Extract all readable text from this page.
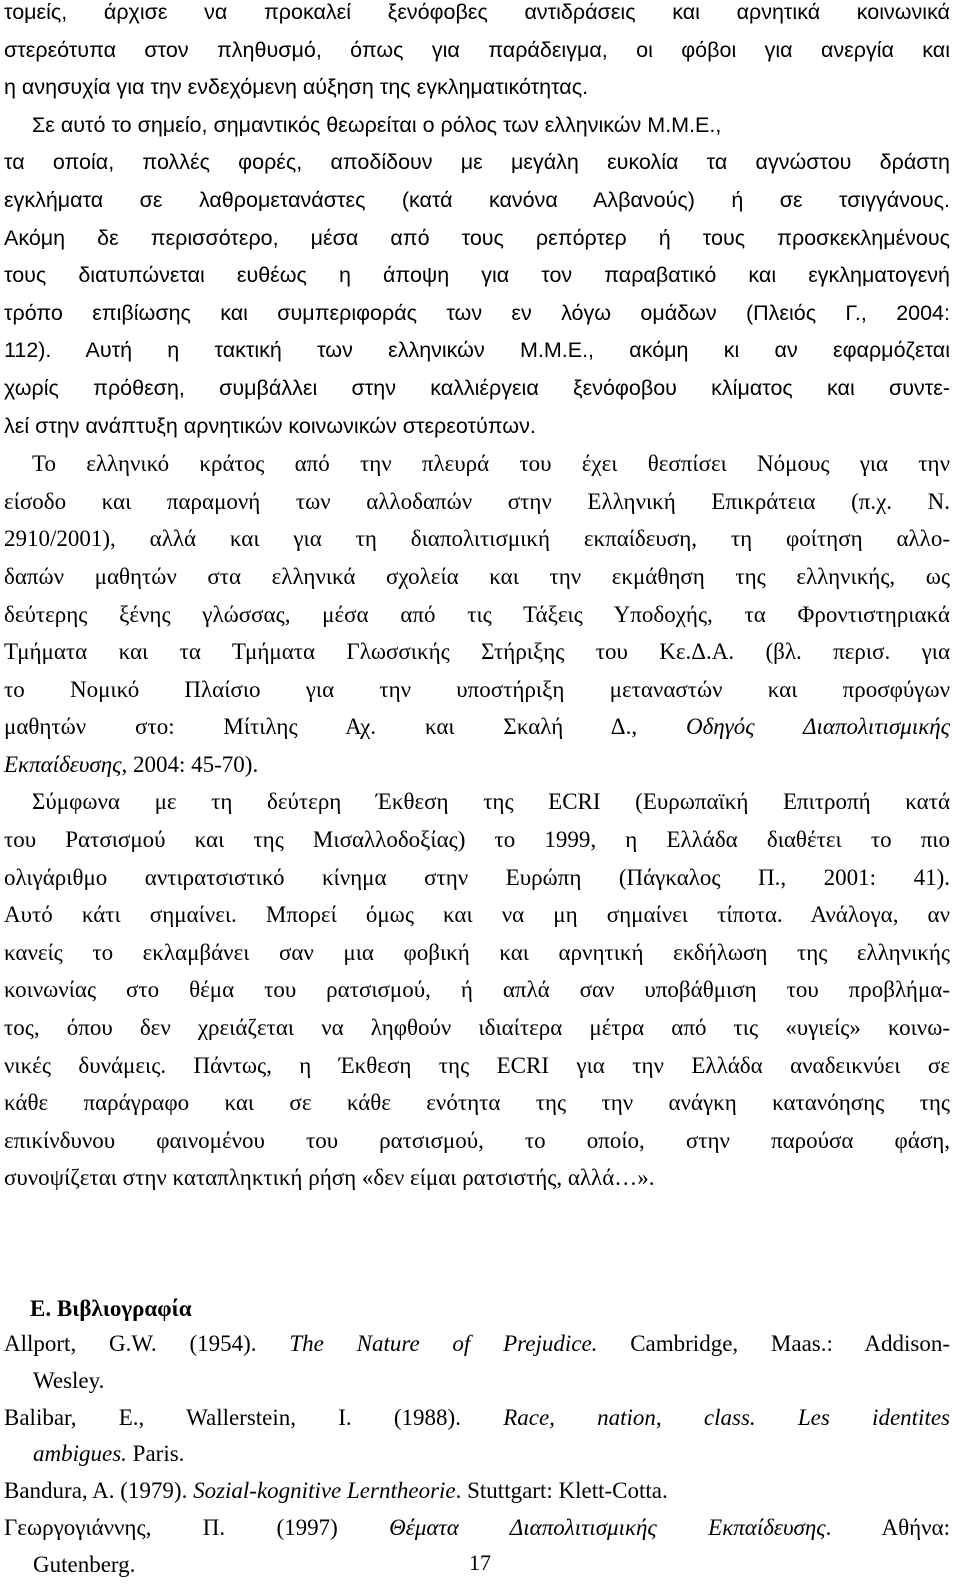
τομείς, άρχισε να προκαλεί ξενόφοβες αντιδράσεις και αρνητικά κοινωνικά
στερεότυπα στον πληθυσμό, όπως για παράδειγμα, οι φόβοι για ανεργία και
η ανησυχία για την ενδεχόμενη αύξηση της εγκληματικότητας.
Σε αυτό το σημείο, σημαντικός θεωρείται ο ρόλος των ελληνικών Μ.Μ.Ε.,
τα οποία, πολλές φορές, αποδίδουν με μεγάλη ευκολία τα αγνώστου δράστη
εγκλήματα σε λαθρομετανάστες (κατά κανόνα Αλβανούς) ή σε τσιγγάνους.
Ακόμη δε περισσότερο, μέσα από τους ρεπόρτερ ή τους προσκεκλημένους
τους διατυπώνεται ευθέως η άποψη για τον παραβατικό και εγκληματογενή
τρόπο επιβίωσης και συμπεριφοράς των εν λόγω ομάδων (Πλειός Γ., 2004:
112). Αυτή η τακτική των ελληνικών Μ.Μ.Ε., ακόμη κι αν εφαρμόζεται
χωρίς πρόθεση, συμβάλλει στην καλλιέργεια ξενόφοβου κλίματος και συντε-
λεί στην ανάπτυξη αρνητικών κοινωνικών στερεοτύπων.
Το ελληνικό κράτος από την πλευρά του έχει θεσπίσει Νόμους για την
είσοδο και παραμονή των αλλοδαπών στην Ελληνική Επικράτεια (π.χ. Ν.
2910/2001), αλλά και για τη διαπολιτισμική εκπαίδευση, τη φοίτηση αλλο-
δαπών μαθητών στα ελληνικά σχολεία και την εκμάθηση της ελληνικής, ως
δεύτερης ξένης γλώσσας, μέσα από τις Τάξεις Υποδοχής, τα Φροντιστηριακά
Τμήματα και τα Τμήματα Γλωσσικής Στήριξης του Κε.Δ.Α. (βλ. περισ. για
το Νομικό Πλαίσιο για την υποστήριξη μεταναστών και προσφύγων
μαθητών στο: Μίτιλης Αχ. και Σκαλή Δ., Οδηγός Διαπολιτισμικής
Εκπαίδευσης, 2004: 45-70).
Σύμφωνα με τη δεύτερη Έκθεση της ECRI (Ευρωπαϊκή Επιτροπή κατά
του Ρατσισμού και της Μισαλλοδοξίας) το 1999, η Ελλάδα διαθέτει το πιο
ολιγάριθμο αντιρατσιστικό κίνημα στην Ευρώπη (Πάγκαλος Π., 2001: 41).
Αυτό κάτι σημαίνει. Μπορεί όμως και να μη σημαίνει τίποτα. Ανάλογα, αν
κανείς το εκλαμβάνει σαν μια φοβική και αρνητική εκδήλωση της ελληνικής
κοινωνίας στο θέμα του ρατσισμού, ή απλά σαν υποβάθμιση του προβλήμα-
τος, όπου δεν χρειάζεται να ληφθούν ιδιαίτερα μέτρα από τις «υγιείς» κοινω-
νικές δυνάμεις. Πάντως, η Έκθεση της ECRI για την Ελλάδα αναδεικνύει σε
κάθε παράγραφο και σε κάθε ενότητα της την ανάγκη κατανόησης της
επικίνδυνου φαινομένου του ρατσισμού, το οποίο, στην παρούσα φάση,
συνοψίζεται στην καταπληκτική ρήση «δεν είμαι ρατσιστής, αλλά…».
Ε. Βιβλιογραφία
Allport, G.W. (1954). The Nature of Prejudice. Cambridge, Maas.: Addison-
Wesley.
Balibar, E., Wallerstein, I. (1988). Race, nation, class. Les identites
ambigues. Paris.
Bandura, A. (1979). Sozial-kognitive Lerntheorie. Stuttgart: Klett-Cotta.
Γεωργογιάννης, Π. (1997) Θέματα Διαπολιτισμικής Εκπαίδευσης. Αθήνα:
Gutenberg.	17
